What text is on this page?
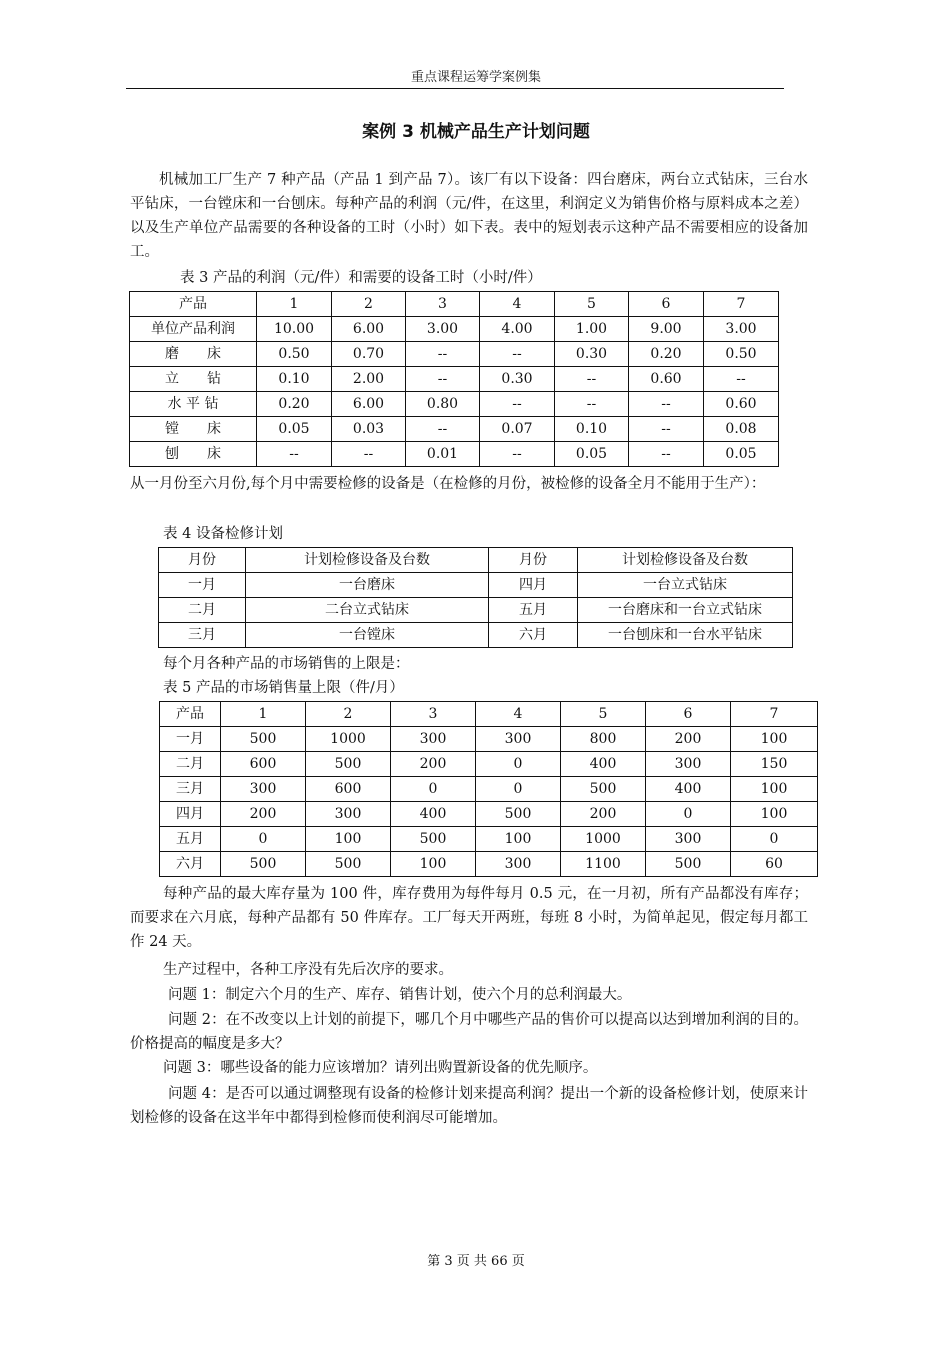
重点课程运筹学案例集
案例 3 机械产品生产计划问题

机械加工厂生产 7 种产品（产品 1 到产品 7）。该厂有以下设备：四台磨床，两台立式钻床，三台水平钻床，一台镗床和一台刨床。每种产品的利润（元/件，在这里，利润定义为销售价格与原料成本之差）以及生产单位产品需要的各种设备的工时（小时）如下表。表中的短划表示这种产品不需要相应的设备加工。

表 3 产品的利润（元/件）和需要的设备工时（小时/件）

产品	1	2	3	4	5	6	7
单位产品利润	10.00	6.00	3.00	4.00	1.00	9.00	3.00
磨　　床	0.50	0.70	--	--	0.30	0.20	0.50
立　　钻	0.10	2.00	--	0.30	--	0.60	--
水 平 钻	0.20	6.00	0.80	--	--	--	0.60
镗　　床	0.05	0.03	--	0.07	0.10	--	0.08
刨　　床	--	--	0.01	--	0.05	--	0.05

从一月份至六月份,每个月中需要检修的设备是（在检修的月份，被检修的设备全月不能用于生产）：

表 4 设备检修计划

月份	计划检修设备及台数	月份	计划检修设备及台数
一月	一台磨床	四月	一台立式钻床
二月	二台立式钻床	五月	一台磨床和一台立式钻床
三月	一台镗床	六月	一台刨床和一台水平钻床

每个月各种产品的市场销售的上限是：

表 5 产品的市场销售量上限（件/月）

产品	1	2	3	4	5	6	7
一月	500	1000	300	300	800	200	100
二月	600	500	200	0	400	300	150
三月	300	600	0	0	500	400	100
四月	200	300	400	500	200	0	100
五月	0	100	500	100	1000	300	0
六月	500	500	100	300	1100	500	60

每种产品的最大库存量为 100 件，库存费用为每件每月 0.5 元，在一月初，所有产品都没有库存；而要求在六月底，每种产品都有 50 件库存。工厂每天开两班，每班 8 小时，为简单起见，假定每月都工作 24 天。

生产过程中，各种工序没有先后次序的要求。

问题 1：制定六个月的生产、库存、销售计划，使六个月的总利润最大。

问题 2：在不改变以上计划的前提下，哪几个月中哪些产品的售价可以提高以达到增加利润的目的。价格提高的幅度是多大？

问题 3：哪些设备的能力应该增加？请列出购置新设备的优先顺序。

问题 4：是否可以通过调整现有设备的检修计划来提高利润？提出一个新的设备检修计划，使原来计划检修的设备在这半年中都得到检修而使利润尽可能增加。

第 3 页 共 66 页
